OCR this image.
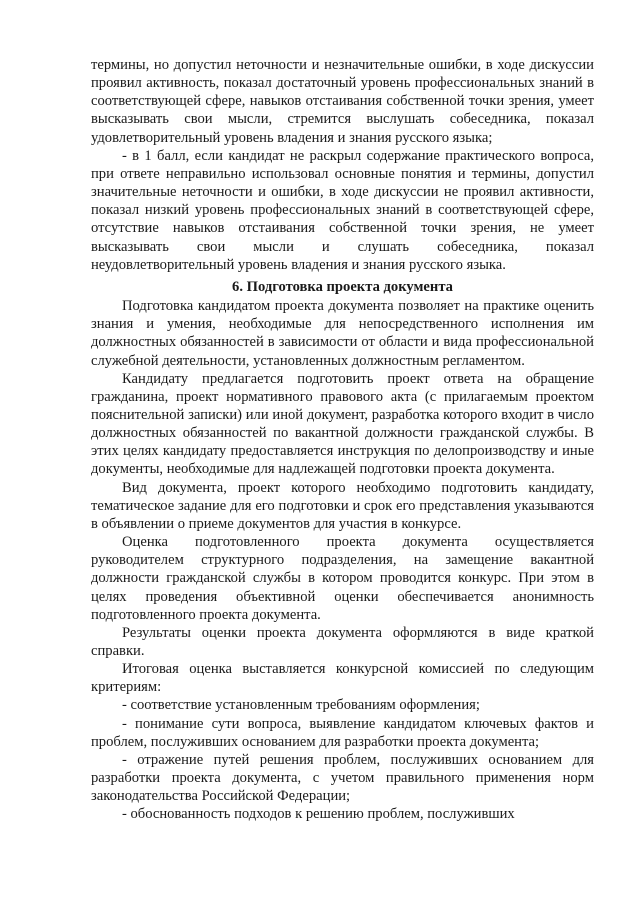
термины, но допустил неточности и незначительные ошибки, в ходе дискуссии проявил активность, показал достаточный уровень профессиональных знаний в соответствующей сфере, навыков отстаивания собственной точки зрения, умеет высказывать свои мысли, стремится выслушать собеседника, показал удовлетворительный уровень владения и знания русского языка;

- в 1 балл, если кандидат не раскрыл содержание практического вопроса, при ответе неправильно использовал основные понятия и термины, допустил значительные неточности и ошибки, в ходе дискуссии не проявил активности, показал низкий уровень профессиональных знаний в соответствующей сфере, отсутствие навыков отстаивания собственной точки зрения, не умеет высказывать свои мысли и слушать собеседника, показал неудовлетворительный уровень владения и знания русского языка.

6. Подготовка проекта документа

Подготовка кандидатом проекта документа позволяет на практике оценить знания и умения, необходимые для непосредственного исполнения им должностных обязанностей в зависимости от области и вида профессиональной служебной деятельности, установленных должностным регламентом.

Кандидату предлагается подготовить проект ответа на обращение гражданина, проект нормативного правового акта (с прилагаемым проектом пояснительной записки) или иной документ, разработка которого входит в число должностных обязанностей по вакантной должности гражданской службы. В этих целях кандидату предоставляется инструкция по делопроизводству и иные документы, необходимые для надлежащей подготовки проекта документа.

Вид документа, проект которого необходимо подготовить кандидату, тематическое задание для его подготовки и срок его представления указываются в объявлении о приеме документов для участия в конкурсе.

Оценка подготовленного проекта документа осуществляется руководителем структурного подразделения, на замещение вакантной должности гражданской службы в котором проводится конкурс. При этом в целях проведения объективной оценки обеспечивается анонимность подготовленного проекта документа.

Результаты оценки проекта документа оформляются в виде краткой справки.

Итоговая оценка выставляется конкурсной комиссией по следующим критериям:

- соответствие установленным требованиям оформления;

- понимание сути вопроса, выявление кандидатом ключевых фактов и проблем, послуживших основанием для разработки проекта документа;

- отражение путей решения проблем, послуживших основанием для разработки проекта документа, с учетом правильного применения норм законодательства Российской Федерации;

- обоснованность подходов к решению проблем, послуживших
